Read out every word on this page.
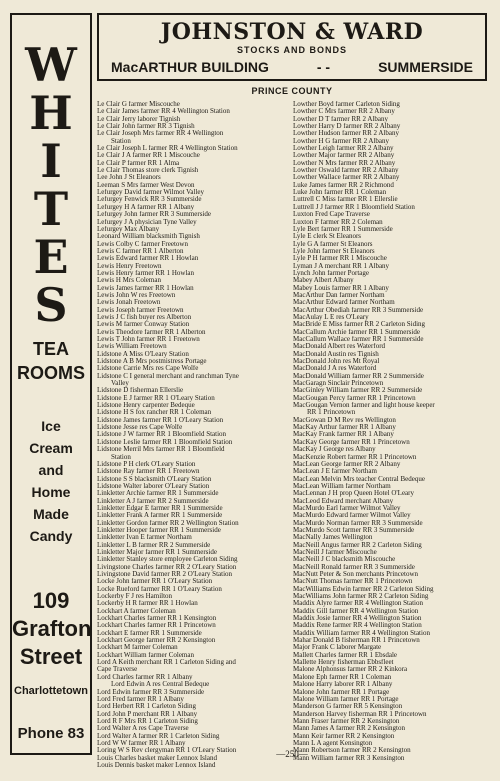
JOHNSTON & WARD
STOCKS AND BONDS
MacARTHUR BUILDING	- -	SUMMERSIDE
W
H
I
T
E
S
TEA
ROOMS
Ice
Cream
and
Home
Made
Candy
109
Grafton
Street
Charlottetown
Phone 83
PRINCE COUNTY
Le Clair G farmer Miscouche
Le Clair James farmer RR 4 Wellington Station
Le Clair Jerry laborer Tignish
Le Clair John farmer RR 3 Tignish
Le Clair Joseph Mrs farmer RR 4 Wellington
Station
Le Clair Joseph L farmer RR 4 Wellington Station
Le Clair J A farmer RR 1 Miscouche
Le Clair P farmer RR 1 Alma
Le Clair Thomas store clerk Tignish
Lee John J St Eleanors
Leeman S Mrs farmer West Devon
Lefurgey David farmer Wilmot Valley
Lefurgey Fenwick RR 3 Summerside
Lefurgey H A farmer RR 1 Albany
Lefurgey John farmer RR 3 Summerside
Lefurgey J A physician Tyne Valley
Lefurgey Max Albany
Leonard William blacksmith Tignish
Lewis Colby C farmer Freetown
Lewis C farmer RR 1 Alberton
Lewis Edward farmer RR 1 Howlan
Lewis Henry Freetown
Lewis Henry farmer RR 1 Howlan
Lewis H Mrs Coleman
Lewis James farmer RR 1 Howlan
Lewis John W res Freetown
Lewis Jonah Freetown
Lewis Joseph farmer Freetown
Lewis J C fish buyer res Alberton
Lewis M farmer Conway Station
Lewis Theodore farmer RR 1 Alberton
Lewis T John farmer RR 1 Freetown
Lewis William Freetown
Lidstone A Miss O'Leary Station
Lidstone A B Mrs postmistress Portage
Lidstone Carrie Mrs res Cape Wolfe
Lidstone C I general merchant and ranchman Tyne
Valley
Lidstone D fisherman Ellerslie
Lidstone E J farmer RR 1 O'Leary Station
Lidstone Henry carpenter Bedeque
Lidstone H S fox rancher RR 1 Coleman
Lidstone James farmer RR 1 O'Leary Station
Lidstone Jesse res Cape Wolfe
Lidstone J W farmer RR 1 Bloomfield Station
Lidstone Leslie farmer RR 1 Bloomfield Station
Lidstone Merril Mrs farmer RR 1 Bloomfield
Station
Lidstone P H clerk O'Leary Station
Lidstone Ray farmer RR 1 Freetown
Lidstone S S blacksmith O'Leary Station
Lidstone Walter laborer O'Leary Station
Linkletter Archie farmer RR 1 Summerside
Linkletter A J farmer RR 2 Summerside
Linkletter Edgar E farmer RR 1 Summerside
Linkletter Frank A farmer RR 1 Summerside
Linkletter Gordon farmer RR 2 Wellington Station
Linkletter Hooper farmer RR 1 Summerside
Linkletter Ivan E farmer Northam
Linkletter L B farmer RR 2 Summerside
Linkletter Major farmer RR 1 Summerside
Linkletter Stanley store employee Carleton Siding
Livingstone Charles farmer RR 2 O'Leary Station
Livingstone David farmer RR 2 O'Leary Station
Locke John farmer RR 1 O'Leary Station
Locke Rueford farmer RR 1 O'Leary Station
Lockerby F J res Hamilton
Lockerby H R farmer RR 1 Howlan
Lockhart A farmer Coleman
Lockhart Charles farmer RR 1 Kensington
Lockhart Charles farmer RR 1 Princetown
Lockhart E farmer RR 1 Summerside
Lockhart George farmer RR 2 Kensington
Lockhart M farmer Coleman
Lockhart William farmer Coleman
Lord A Keith merchant RR 1 Carleton Siding and
Cape Traverse
Lord Charles farmer RR 1 Albany
Lord Edwin A res Central Bedeque
Lord Edwin farmer RR 3 Summerside
Lord Fred farmer RR 1 Albany
Lord Herbert RR 1 Carleton Siding
Lord John P merchant RR 1 Albany
Lord R F Mrs RR 1 Carleton Siding
Lord Walter A res Cape Traverse
Lord Walter A farmer RR 1 Carleton Siding
Lord W W farmer RR 1 Albany
Loring W S Rev clergyman RR 1 O'Leary Station
Louis Charles basket maker Lennox Island
Louis Dennis basket maker Lennox Island
Lowther Boyd farmer Carleton Siding
Lowther C Mrs farmer RR 2 Albany
Lowther D T farmer RR 2 Albany
Lowther Harry D farmer RR 2 Albany
Lowther Hudson farmer RR 2 Albany
Lowther H G farmer RR 2 Albany
Lowther Leigh farmer RR 2 Albany
Lowther Major farmer RR 2 Albany
Lowther N Mrs farmer RR 2 Albany
Lowther Oswald farmer RR 2 Albany
Lowther Wallace farmer RR 2 Albany
Luke James farmer RR 2 Richmond
Luke John farmer RR 1 Coleman
Luttrell C Miss farmer RR 1 Ellerslie
Luttrell J J farmer RR 1 Bloomfield Station
Luxton Fred Cape Traverse
Luxton F farmer RR 2 Coleman
Lyle Bert farmer RR 1 Summerside
Lyle E clerk St Eleanors
Lyle G A farmer St Eleanors
Lyle John farmer St Eleanors
Lyle P H farmer RR 1 Miscouche
Lyman J A merchant RR 1 Albany
Lynch John farmer Portage
Mabey Albert Albany
Mabey Louis farmer RR 1 Albany
MacArthur Dan farmer Northam
MacArthur Edward farmer Northam
MacArthur Obediah farmer RR 3 Summerside
MacAulay L E res O'Leary
MacBride E Miss farmer RR 2 Carleton Siding
MacCallum Archie farmer RR 1 Summerside
MacCallum Wallace farmer RR 1 Summerside
MacDonald Albert res Waterford
MacDonald Austin res Tignish
MacDonald John res Mt Royal
MacDonald J A res Waterford
MacDonald William farmer RR 2 Summerside
MacGaragn Sinclair Princetown
MacGinley William farmer RR 2 Summerside
MacGougan Percy farmer RR 1 Princetown
MacGougan Vernon farmer and light house keeper
RR 1 Princetown
MacGowan D M Rev res Wellington
MacKay Arthur farmer RR 1 Albany
MacKay Frank farmer RR 1 Albany
MacKay George farmer RR 1 Princetown
MacKay J George res Albany
MacKenzie Robert farmer RR 1 Princetown
MacLean George farmer RR 2 Albany
MacLean J E farmer Northam
MacLean Melvin Mrs teacher Central Bedeque
MacLean William farmer Northam
MacLennan J H prop Queen Hotel O'Leary
MacLeod Edward merchant Albany
MacMurdo Earl farmer Wilmot Valley
MacMurdo Edward farmer Wilmot Valley
MacMurdo Norman farmer RR 3 Summerside
MacMurdo Scott farmer RR 3 Summerside
MacNally James Wellington
MacNeill Angus farmer RR 2 Carleton Siding
MacNeill J farmer Miscouche
MacNeill J C blacksmith Miscouche
MacNeill Ronald farmer RR 3 Summerside
MacNutt Peter & Son merchants Princetown
MacNutt Thomas farmer RR 1 Princetown
MacWilliams Edwin farmer RR 2 Carleton Siding
MacWilliams John farmer RR 2 Carleton Siding
Maddix Alyre farmer RR 4 Wellington Station
Maddix Gill farmer RR 4 Wellington Station
Maddix Josie farmer RR 4 Wellington Station
Maddix Rene farmer RR 4 Wellington Station
Maddix William farmer RR 4 Wellington Station
Mahar Donald B fisherman RR 1 Princetown
Major Frank C laborer Margate
Mallett Charles farmer RR 1 Ebsdale
Mallette Henry fisherman Ebbsfleet
Malone Alphonsus farmer RR 2 Kinkora
Malone Eph farmer RR 1 Coleman
Malone Harry laborer RR 1 Albany
Malone John farmer RR 1 Portage
Malone William farmer RR 1 Portage
Manderson G farmer RR 5 Kensington
Manderson Harvey fisherman RR 1 Princetown
Mann Fraser farmer RR 2 Kensington
Mann James A farmer RR 2 Kensington
Mann Keir farmer RR 2 Kensington
Mann L A agent Kensington
Mann Robertson farmer RR 2 Kensington
Mann William farmer RR 3 Kensington
—250—
